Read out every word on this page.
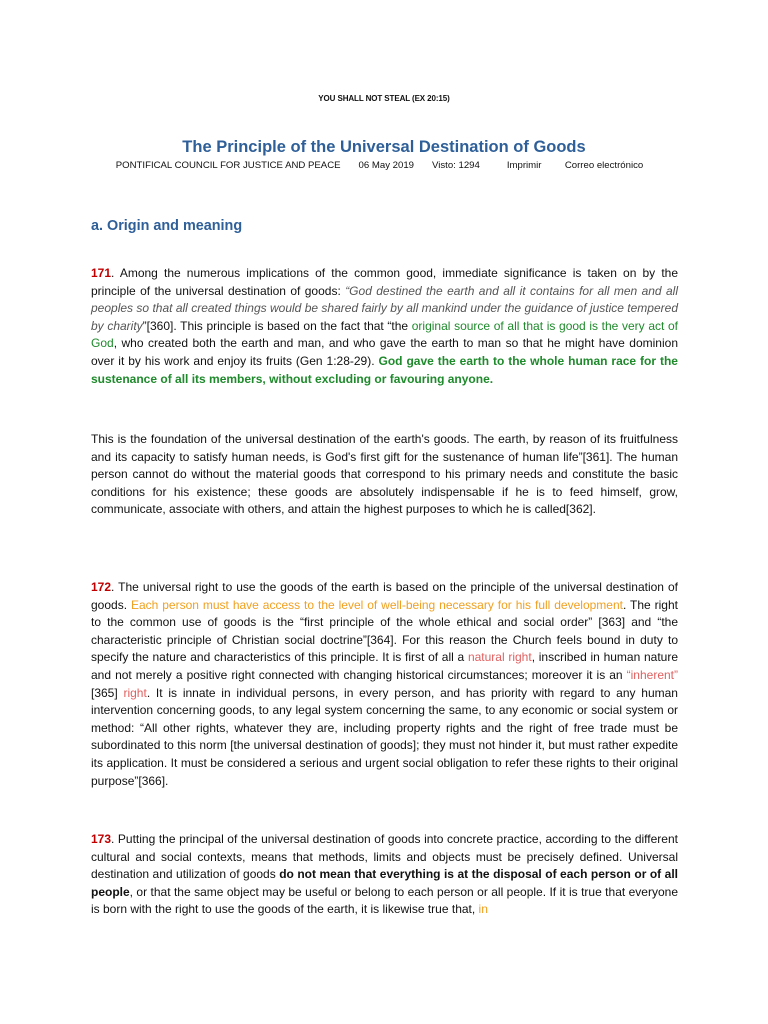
YOU SHALL NOT STEAL (EX 20:15)
The Principle of the Universal Destination of Goods
PONTIFICAL COUNCIL FOR JUSTICE AND PEACE 06 May 2019 Visto: 1294	Imprimir Correo electrónico
a. Origin and meaning
171. Among the numerous implications of the common good, immediate significance is taken on by the principle of the universal destination of goods: “God destined the earth and all it contains for all men and all peoples so that all created things would be shared fairly by all mankind under the guidance of justice tempered by charity”[360]. This principle is based on the fact that “the original source of all that is good is the very act of God, who created both the earth and man, and who gave the earth to man so that he might have dominion over it by his work and enjoy its fruits (Gen 1:28-29). God gave the earth to the whole human race for the sustenance of all its members, without excluding or favouring anyone.
This is the foundation of the universal destination of the earth's goods. The earth, by reason of its fruitfulness and its capacity to satisfy human needs, is God's first gift for the sustenance of human life”[361]. The human person cannot do without the material goods that correspond to his primary needs and constitute the basic conditions for his existence; these goods are absolutely indispensable if he is to feed himself, grow, communicate, associate with others, and attain the highest purposes to which he is called[362].
172. The universal right to use the goods of the earth is based on the principle of the universal destination of goods. Each person must have access to the level of well-being necessary for his full development. The right to the common use of goods is the “first principle of the whole ethical and social order” [363] and “the characteristic principle of Christian social doctrine”[364]. For this reason the Church feels bound in duty to specify the nature and characteristics of this principle. It is first of all a natural right, inscribed in human nature and not merely a positive right connected with changing historical circumstances; moreover it is an “inherent” [365] right. It is innate in individual persons, in every person, and has priority with regard to any human intervention concerning goods, to any legal system concerning the same, to any economic or social system or method: “All other rights, whatever they are, including property rights and the right of free trade must be subordinated to this norm [the universal destination of goods]; they must not hinder it, but must rather expedite its application. It must be considered a serious and urgent social obligation to refer these rights to their original purpose”[366].
173. Putting the principal of the universal destination of goods into concrete practice, according to the different cultural and social contexts, means that methods, limits and objects must be precisely defined. Universal destination and utilization of goods do not mean that everything is at the disposal of each person or of all people, or that the same object may be useful or belong to each person or all people. If it is true that everyone is born with the right to use the goods of the earth, it is likewise true that, in
